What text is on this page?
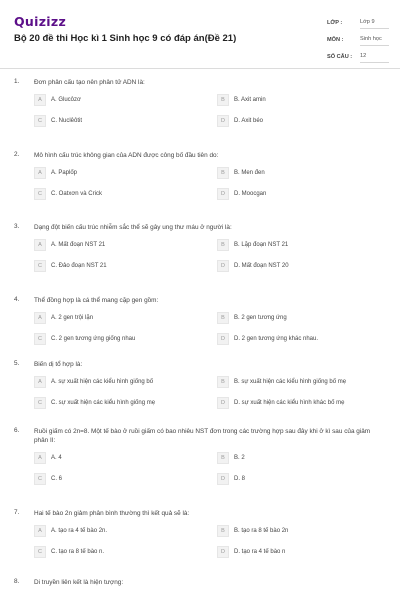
Quizizz
Bộ 20 đề thi Học kì 1 Sinh học 9 có đáp án(Đề 21)
LỚP :	Lớp 9
MÔN :	Sinh học
SỐ CÂU :	12
1. Đơn phân cấu tạo nên phân tử ADN là:
A	A. Glucôzơ	B	B. Axit amin
C	C. Nuclêôtit	D	D. Axit béo
2. Mô hình cấu trúc không gian của ADN được công bố đầu tiên do:
A	A. Paplốp	B	B. Men đen
C	C. Oatxơn và Crick	D	D. Moocgan
3. Dạng đột biến cấu trúc nhiễm sắc thể sẽ gây ung thư máu ở người là:
A	A. Mất đoạn NST 21	B	B. Lặp đoạn NST 21
C	C. Đảo đoạn NST 21	D	D. Mất đoạn NST 20
4. Thể đồng hợp là cá thể mang cặp gen gồm:
A	A. 2 gen trội lặn	B	B. 2 gen tương ứng
C	C. 2 gen tương ứng giống nhau	D	D. 2 gen tương ứng khác nhau.
5. Biến dị tổ hợp là:
A	A. sự xuất hiện các kiểu hình giống bố	B	B. sự xuất hiện các kiểu hình giống bố mẹ
C	C. sự xuất hiện các kiểu hình giống mẹ	D	D. sự xuất hiện các kiểu hình khác bố mẹ
6. Ruồi giấm có 2n=8. Một tế bào ở ruồi giấm có bao nhiêu NST đơn trong các trường hợp sau đây khi ở kì sau của giảm phân II:
A	A. 4	B	B. 2
C	C. 6	D	D. 8
7. Hai tế bào 2n giảm phân bình thường thì kết quả sẽ là:
A	A. tạo ra 4 tế bào 2n.	B	B. tạo ra 8 tế bào 2n
C	C. tạo ra 8 tế bào n.	D	D. tạo ra 4 tế bào n
8. Di truyền liên kết là hiện tượng:
